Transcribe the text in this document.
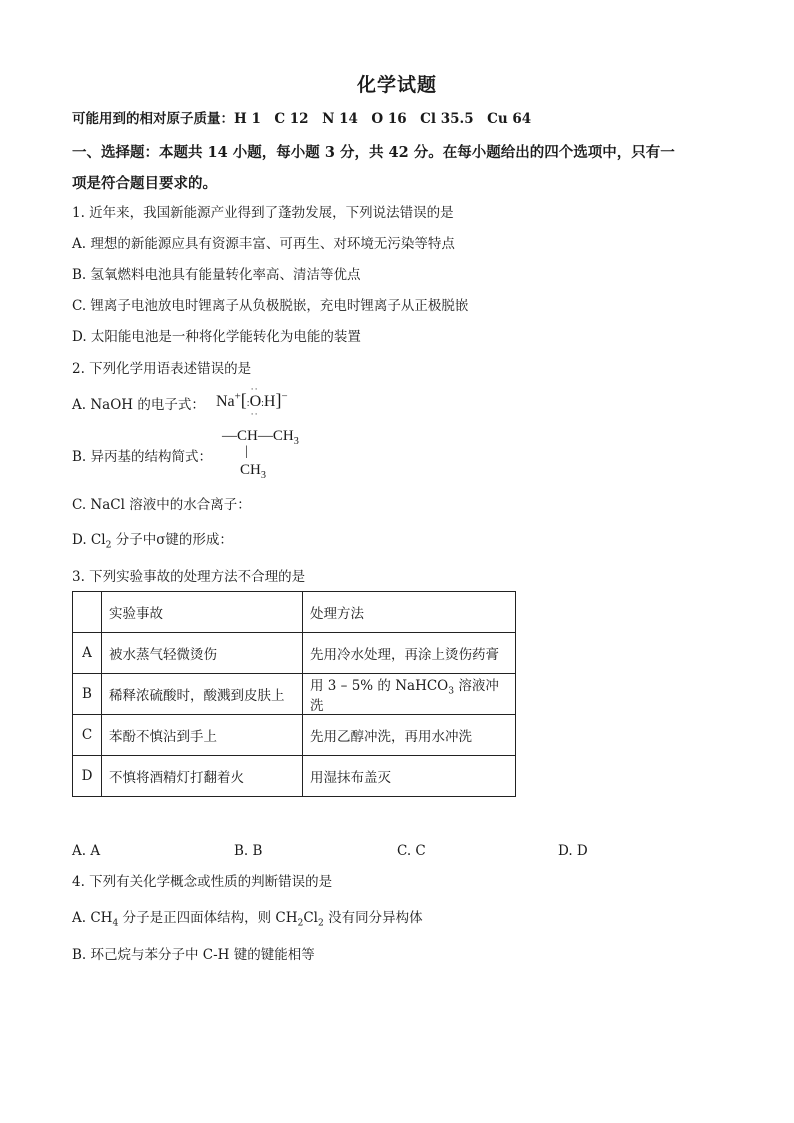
化学试题
可能用到的相对原子质量：H 1　C 12　N 14　O 16　Cl 35.5　Cu 64
一、选择题：本题共 14 小题，每小题 3 分，共 42 分。在每小题给出的四个选项中，只有一
项是符合题目要求的。
1. 近年来，我国新能源产业得到了蓬勃发展，下列说法错误的是
A. 理想的新能源应具有资源丰富、可再生、对环境无污染等特点
B. 氢氧燃料电池具有能量转化率高、清洁等优点
C. 锂离子电池放电时锂离子从负极脱嵌，充电时锂离子从正极脱嵌
D. 太阳能电池是一种将化学能转化为电能的装置
2. 下列化学用语表述错误的是
A. NaOH 的电子式： Na+[:
··
O
··
:H]−
B. 异丙基的结构简式：
$—CH—CH_3$
|
$CH_3$
C. NaCl 溶液中的水合离子：
D. $Cl_2$ 分子中σ键的形成：
3. 下列实验事故的处理方法不合理的是
	实验事故	处理方法
A	被水蒸气轻微烫伤	先用冷水处理，再涂上烫伤药膏
B	稀释浓硫酸时，酸溅到皮肤上	用 3 – 5% 的 NaHCO$_3$ 溶液冲洗
C	苯酚不慎沾到手上	先用乙醇冲洗，再用水冲洗
D	不慎将酒精灯打翻着火	用湿抹布盖灭
A. A	B. B	C. C	D. D
4. 下列有关化学概念或性质的判断错误的是
A. $CH_4$ 分子是正四面体结构，则 $CH_2Cl_2$ 没有同分异构体
B. 环己烷与苯分子中 C-H 键的键能相等
